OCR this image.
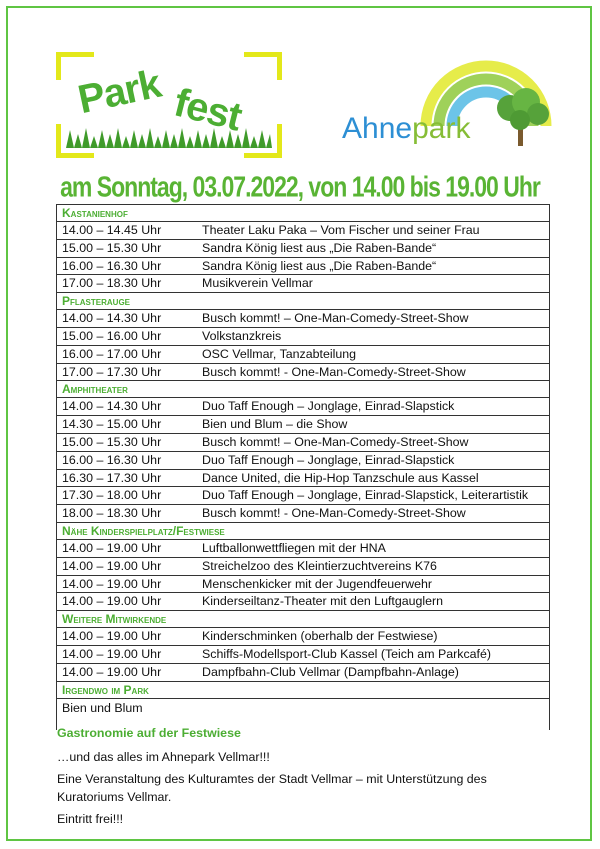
Park fest	Ahnepark
am Sonntag, 03.07.2022, von 14.00 bis 19.00 Uhr
Kastanienhof
14.00 – 14.45 Uhr	Theater Laku Paka – Vom Fischer und seiner Frau
15.00 – 15.30 Uhr	Sandra König liest aus „Die Raben-Bande“
16.00 – 16.30 Uhr	Sandra König liest aus „Die Raben-Bande“
17.00 – 18.30 Uhr	Musikverein Vellmar
Pflasterauge
14.00 – 14.30 Uhr	Busch kommt! – One-Man-Comedy-Street-Show
15.00 – 16.00 Uhr	Volkstanzkreis
16.00 – 17.00 Uhr	OSC Vellmar, Tanzabteilung
17.00 – 17.30 Uhr	Busch kommt! - One-Man-Comedy-Street-Show
Amphitheater
14.00 – 14.30 Uhr	Duo Taff Enough – Jonglage, Einrad-Slapstick
14.30 – 15.00 Uhr	Bien und Blum – die Show
15.00 – 15.30 Uhr	Busch kommt! – One-Man-Comedy-Street-Show
16.00 – 16.30 Uhr	Duo Taff Enough – Jonglage, Einrad-Slapstick
16.30 – 17.30 Uhr	Dance United, die Hip-Hop Tanzschule aus Kassel
17.30 – 18.00 Uhr	Duo Taff Enough – Jonglage, Einrad-Slapstick, Leiterartistik
18.00 – 18.30 Uhr	Busch kommt! - One-Man-Comedy-Street-Show
Nähe Kinderspielplatz/Festwiese
14.00 – 19.00 Uhr	Luftballonwettfliegen mit der HNA
14.00 – 19.00 Uhr	Streichelzoo des Kleintierzuchtvereins K76
14.00 – 19.00 Uhr	Menschenkicker mit der Jugendfeuerwehr
14.00 – 19.00 Uhr	Kinderseiltanz-Theater mit den Luftgauglern
Weitere Mitwirkende
14.00 – 19.00 Uhr	Kinderschminken (oberhalb der Festwiese)
14.00 – 19.00 Uhr	Schiffs-Modellsport-Club Kassel (Teich am Parkcafé)
14.00 – 19.00 Uhr	Dampfbahn-Club Vellmar (Dampfbahn-Anlage)
Irgendwo im Park
Bien und Blum

Gastronomie auf der Festwiese

…und das alles im Ahnepark Vellmar!!!

Eine Veranstaltung des Kulturamtes der Stadt Vellmar – mit Unterstützung des Kuratoriums Vellmar.

Eintritt frei!!!
